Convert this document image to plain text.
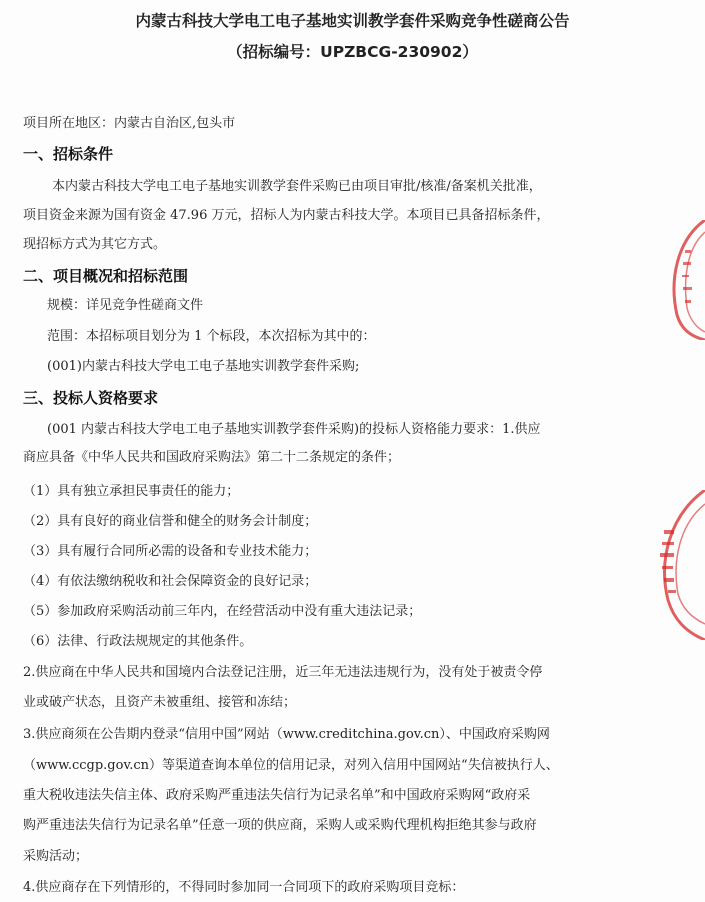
内蒙古科技大学电工电子基地实训教学套件采购竞争性磋商公告
（招标编号：UPZBCG-230902）
项目所在地区：内蒙古自治区,包头市
一、招标条件
本内蒙古科技大学电工电子基地实训教学套件采购已由项目审批/核准/备案机关批准，
项目资金来源为国有资金 47.96 万元，招标人为内蒙古科技大学。本项目已具备招标条件，
现招标方式为其它方式。
二、项目概况和招标范围
规模：详见竞争性磋商文件
范围：本招标项目划分为 1 个标段，本次招标为其中的：
(001)内蒙古科技大学电工电子基地实训教学套件采购;
三、投标人资格要求
(001 内蒙古科技大学电工电子基地实训教学套件采购)的投标人资格能力要求：1.供应
商应具备《中华人民共和国政府采购法》第二十二条规定的条件；
（1）具有独立承担民事责任的能力；
（2）具有良好的商业信誉和健全的财务会计制度；
（3）具有履行合同所必需的设备和专业技术能力；
（4）有依法缴纳税收和社会保障资金的良好记录；
（5）参加政府采购活动前三年内，在经营活动中没有重大违法记录；
（6）法律、行政法规规定的其他条件。
2.供应商在中华人民共和国境内合法登记注册，近三年无违法违规行为，没有处于被责令停
业或破产状态，且资产未被重组、接管和冻结；
3.供应商须在公告期内登录“信用中国”网站（www.creditchina.gov.cn）、中国政府采购网
（www.ccgp.gov.cn）等渠道查询本单位的信用记录，对列入信用中国网站“失信被执行人、
重大税收违法失信主体、政府采购严重违法失信行为记录名单”和中国政府采购网“政府采
购严重违法失信行为记录名单”任意一项的供应商，采购人或采购代理机构拒绝其参与政府
采购活动；
4.供应商存在下列情形的，不得同时参加同一合同项下的政府采购项目竞标：
